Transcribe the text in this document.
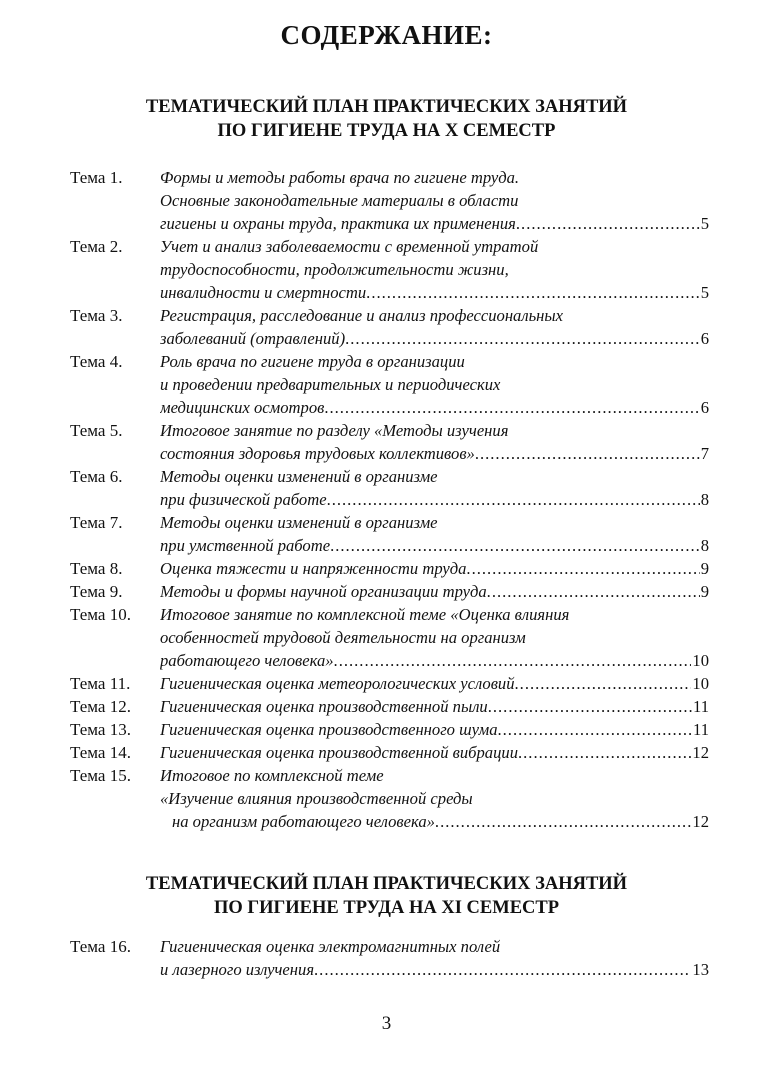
СОДЕРЖАНИЕ:
ТЕМАТИЧЕСКИЙ ПЛАН ПРАКТИЧЕСКИХ ЗАНЯТИЙ
ПО ГИГИЕНЕ ТРУДА НА X СЕМЕСТР
Тема 1. Формы и методы работы врача по гигиене труда.
Основные законодательные материалы в области
гигиены и охраны труда, практика их применения .....	5
Тема 2. Учет и анализ заболеваемости с временной утратой
трудоспособности, продолжительности жизни,
инвалидности и смертности .....	5
Тема 3. Регистрация, расследование и анализ профессиональных
заболеваний (отравлений) .....	6
Тема 4. Роль врача по гигиене труда в организации
и проведении предварительных и периодических
медицинских осмотров .....	6
Тема 5. Итоговое занятие по разделу «Методы изучения
состояния здоровья трудовых коллективов» .....	7
Тема 6. Методы оценки изменений в организме
при физической работе .....	8
Тема 7. Методы оценки изменений в организме
при умственной работе .....	8
Тема 8. Оценка тяжести и напряженности труда .....	9
Тема 9. Методы и формы научной организации труда .....	9
Тема 10. Итоговое занятие по комплексной теме «Оценка влияния
особенностей трудовой деятельности на организм
работающего человека» .....	10
Тема 11. Гигиеническая оценка метеорологических условий .....	10
Тема 12. Гигиеническая оценка производственной пыли .....	11
Тема 13. Гигиеническая оценка производственного шума .....	11
Тема 14. Гигиеническая оценка производственной вибрации .....	12
Тема 15. Итоговое по комплексной теме
«Изучение влияния производственной среды
на организм работающего человека» .....	12
ТЕМАТИЧЕСКИЙ ПЛАН ПРАКТИЧЕСКИХ ЗАНЯТИЙ
ПО ГИГИЕНЕ ТРУДА НА XI СЕМЕСТР
Тема 16. Гигиеническая оценка электромагнитных полей
и лазерного излучения .....	13
3
